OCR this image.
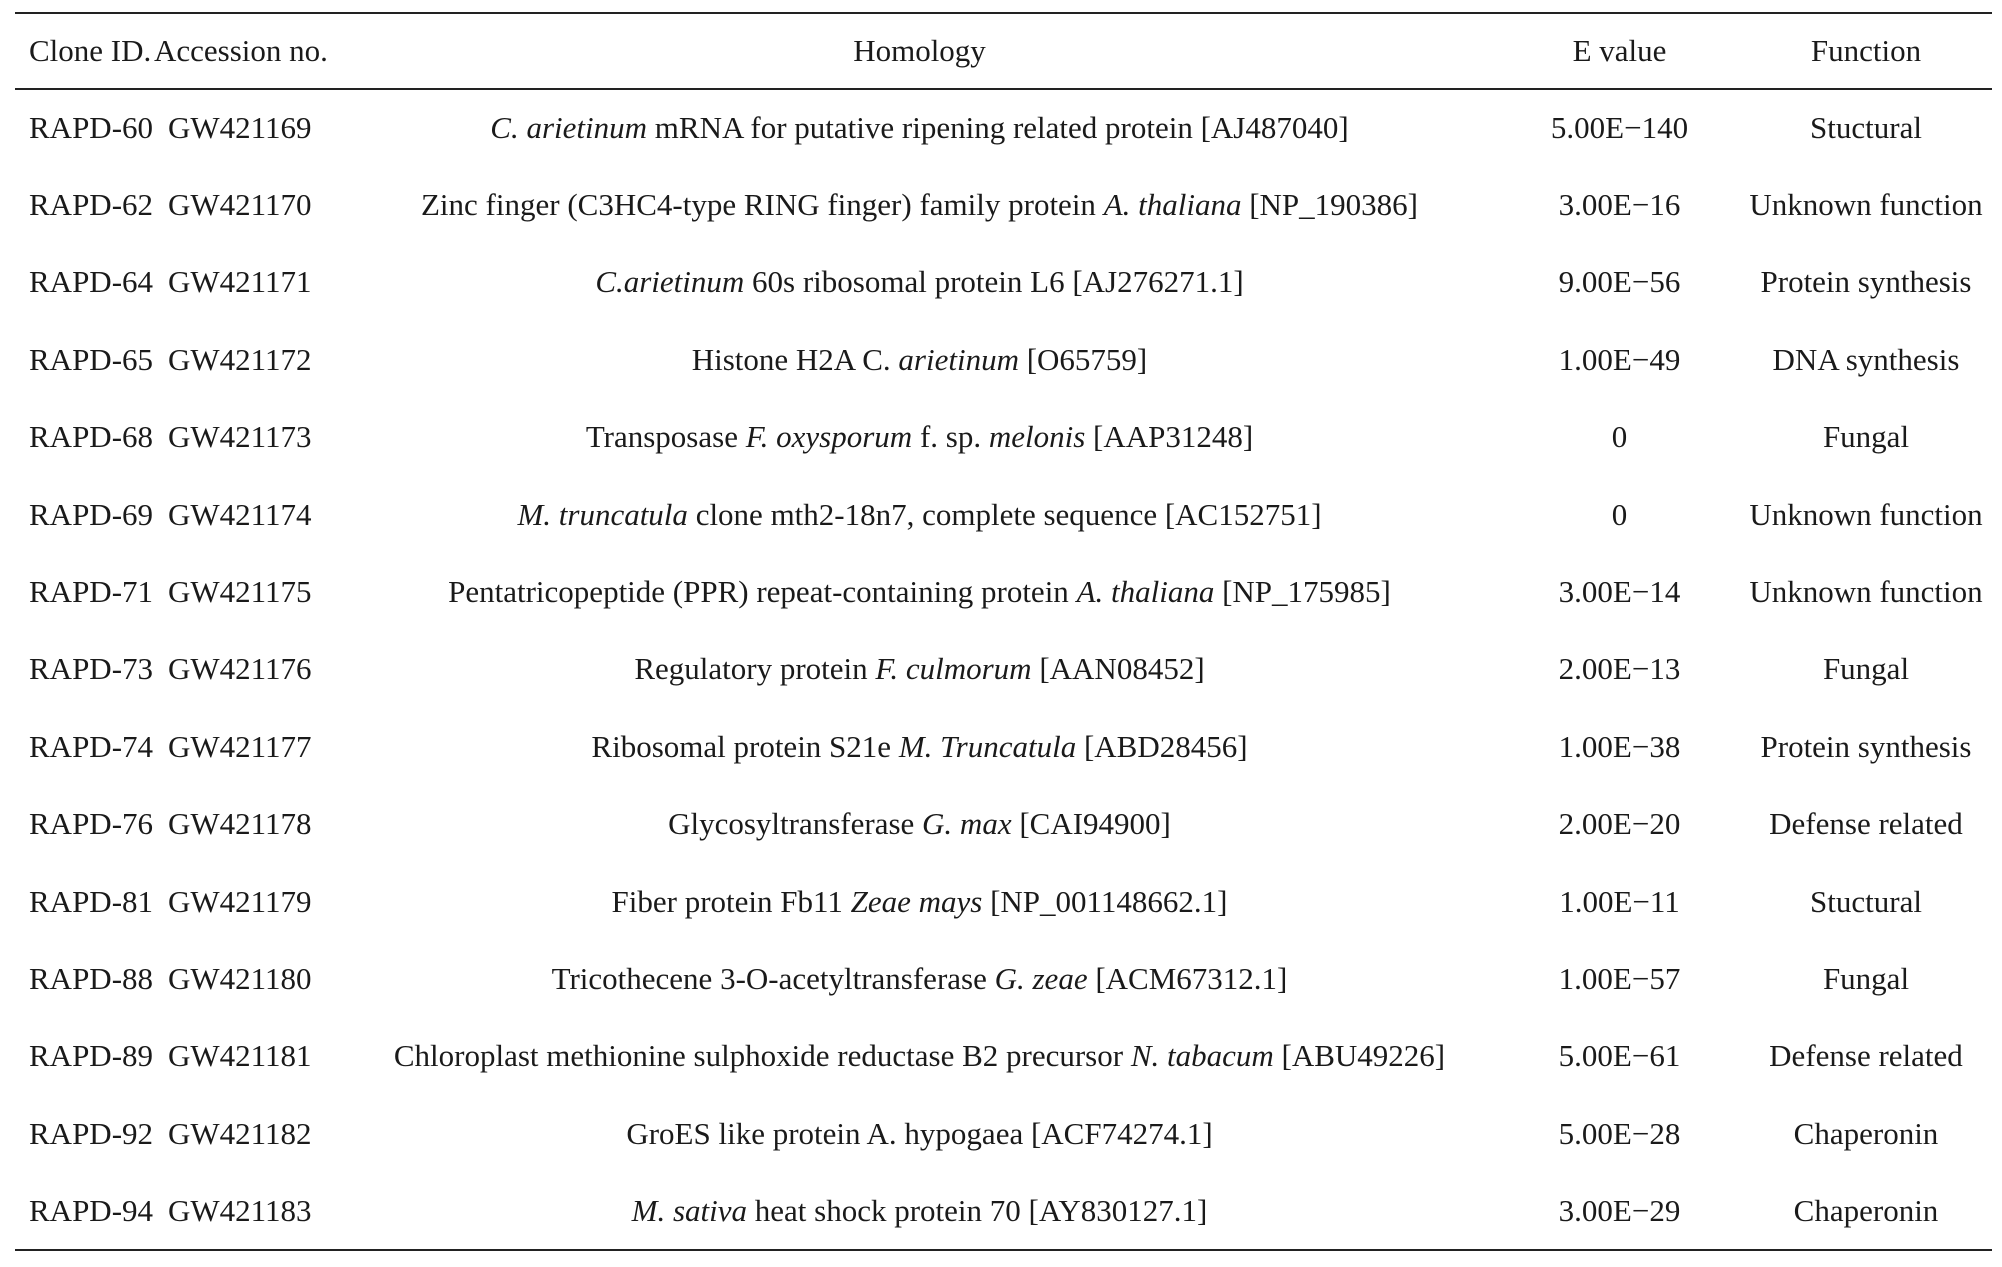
Clone ID.	Accession no.	Homology	E value	Function
RAPD-60	GW421169	C. arietinum mRNA for putative ripening related protein [AJ487040]	5.00E−140	Stuctural
RAPD-62	GW421170	Zinc finger (C3HC4-type RING finger) family protein A. thaliana [NP_190386]	3.00E−16	Unknown function
RAPD-64	GW421171	C.arietinum 60s ribosomal protein L6 [AJ276271.1]	9.00E−56	Protein synthesis
RAPD-65	GW421172	Histone H2A C. arietinum [O65759]	1.00E−49	DNA synthesis
RAPD-68	GW421173	Transposase F. oxysporum f. sp. melonis [AAP31248]	0	Fungal
RAPD-69	GW421174	M. truncatula clone mth2-18n7, complete sequence [AC152751]	0	Unknown function
RAPD-71	GW421175	Pentatricopeptide (PPR) repeat-containing protein A. thaliana [NP_175985]	3.00E−14	Unknown function
RAPD-73	GW421176	Regulatory protein F. culmorum [AAN08452]	2.00E−13	Fungal
RAPD-74	GW421177	Ribosomal protein S21e M. Truncatula [ABD28456]	1.00E−38	Protein synthesis
RAPD-76	GW421178	Glycosyltransferase G. max [CAI94900]	2.00E−20	Defense related
RAPD-81	GW421179	Fiber protein Fb11 Zeae mays [NP_001148662.1]	1.00E−11	Stuctural
RAPD-88	GW421180	Tricothecene 3-O-acetyltransferase G. zeae [ACM67312.1]	1.00E−57	Fungal
RAPD-89	GW421181	Chloroplast methionine sulphoxide reductase B2 precursor N. tabacum [ABU49226]	5.00E−61	Defense related
RAPD-92	GW421182	GroES like protein A. hypogaea [ACF74274.1]	5.00E−28	Chaperonin
RAPD-94	GW421183	M. sativa heat shock protein 70 [AY830127.1]	3.00E−29	Chaperonin
